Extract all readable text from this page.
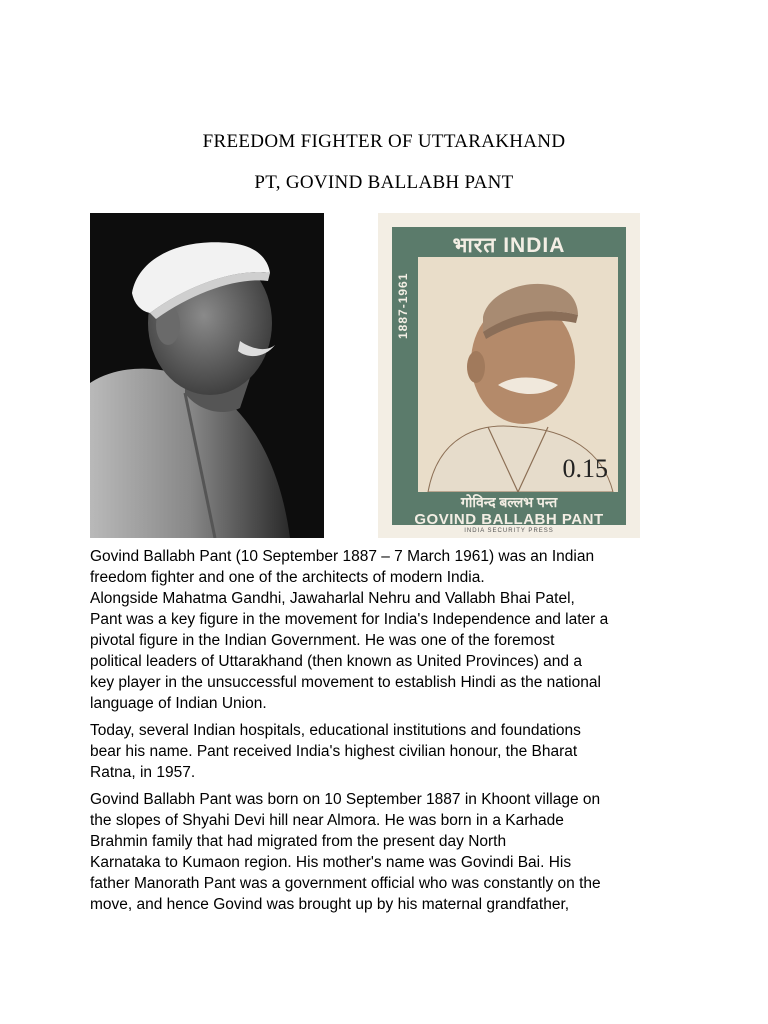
FREEDOM FIGHTER OF UTTARAKHAND
PT, GOVIND BALLABH PANT
भारत INDIA
1887-1961
0.15
गोविन्द बल्लभ पन्त
GOVIND BALLABH PANT
INDIA SECURITY PRESS

Govind Ballabh Pant (10 September 1887 – 7 March 1961) was an Indian
freedom fighter and one of the architects of modern India.
Alongside Mahatma Gandhi, Jawaharlal Nehru and Vallabh Bhai Patel,
Pant was a key figure in the movement for India's Independence and later a
pivotal figure in the Indian Government. He was one of the foremost
political leaders of Uttarakhand (then known as United Provinces) and a
key player in the unsuccessful movement to establish Hindi as the national
language of Indian Union.

Today, several Indian hospitals, educational institutions and foundations
bear his name. Pant received India's highest civilian honour, the Bharat
Ratna, in 1957.

Govind Ballabh Pant was born on 10 September 1887 in Khoont village on
the slopes of Shyahi Devi hill near Almora. He was born in a Karhade
Brahmin family that had migrated from the present day North
Karnataka to Kumaon region. His mother's name was Govindi Bai. His
father Manorath Pant was a government official who was constantly on the
move, and hence Govind was brought up by his maternal grandfather,
